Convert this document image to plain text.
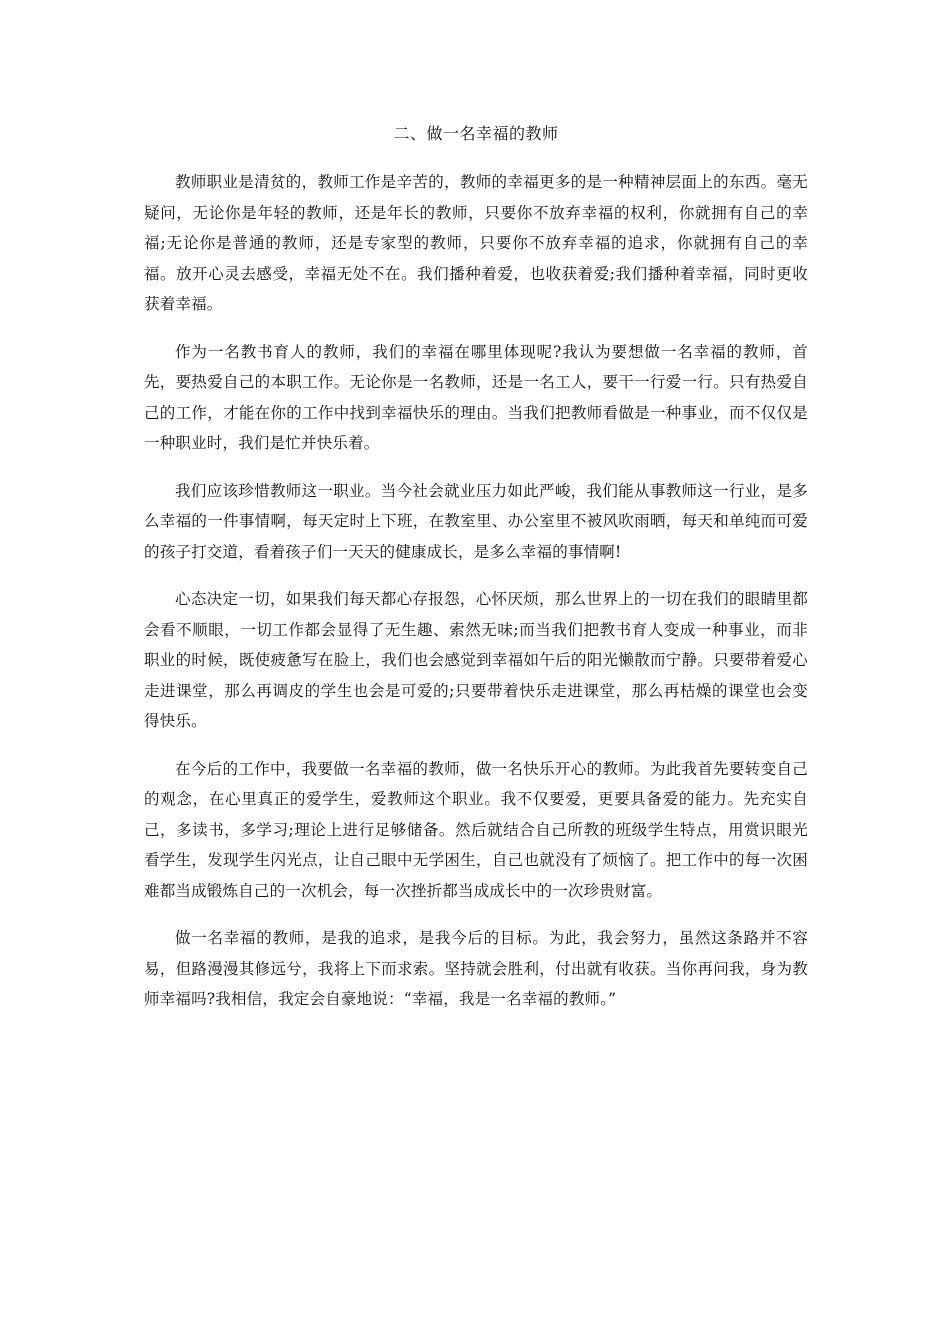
二、做一名幸福的教师

教师职业是清贫的，教师工作是辛苦的，教师的幸福更多的是一种精神层面上的东西。毫无疑问，无论你是年轻的教师，还是年长的教师，只要你不放弃幸福的权利，你就拥有自己的幸福;无论你是普通的教师，还是专家型的教师，只要你不放弃幸福的追求，你就拥有自己的幸福。放开心灵去感受，幸福无处不在。我们播种着爱，也收获着爱;我们播种着幸福，同时更收获着幸福。

作为一名教书育人的教师，我们的幸福在哪里体现呢?我认为要想做一名幸福的教师，首先，要热爱自己的本职工作。无论你是一名教师，还是一名工人，要干一行爱一行。只有热爱自己的工作，才能在你的工作中找到幸福快乐的理由。当我们把教师看做是一种事业，而不仅仅是一种职业时，我们是忙并快乐着。

我们应该珍惜教师这一职业。当今社会就业压力如此严峻，我们能从事教师这一行业，是多么幸福的一件事情啊，每天定时上下班，在教室里、办公室里不被风吹雨晒，每天和单纯而可爱的孩子打交道，看着孩子们一天天的健康成长，是多么幸福的事情啊!

心态决定一切，如果我们每天都心存报怨，心怀厌烦，那么世界上的一切在我们的眼睛里都会看不顺眼，一切工作都会显得了无生趣、索然无味;而当我们把教书育人变成一种事业，而非职业的时候，既使疲惫写在脸上，我们也会感觉到幸福如午后的阳光懒散而宁静。只要带着爱心走进课堂，那么再调皮的学生也会是可爱的;只要带着快乐走进课堂，那么再枯燥的课堂也会变得快乐。

在今后的工作中，我要做一名幸福的教师，做一名快乐开心的教师。为此我首先要转变自己的观念，在心里真正的爱学生，爱教师这个职业。我不仅要爱，更要具备爱的能力。先充实自己，多读书，多学习;理论上进行足够储备。然后就结合自己所教的班级学生特点，用赏识眼光看学生，发现学生闪光点，让自己眼中无学困生，自己也就没有了烦恼了。把工作中的每一次困难都当成锻炼自己的一次机会，每一次挫折都当成成长中的一次珍贵财富。

做一名幸福的教师，是我的追求，是我今后的目标。为此，我会努力，虽然这条路并不容易，但路漫漫其修远兮，我将上下而求索。坚持就会胜利，付出就有收获。当你再问我，身为教师幸福吗?我相信，我定会自豪地说：“幸福，我是一名幸福的教师。”
